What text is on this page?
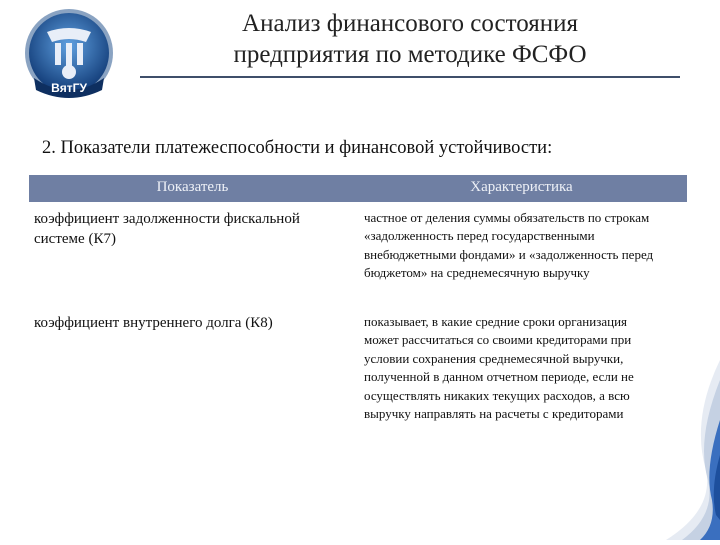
ВятГУ
Анализ финансового состояния
предприятия по методике ФСФО
2. Показатели платежеспособности и финансовой устойчивости:
Показатель	Характеристика
коэффициент задолженности фискальной системе (К7)
частное от деления суммы обязательств по строкам «задолженность перед государственными внебюджетными фондами» и «задолженность перед бюджетом» на среднемесячную выручку
коэффициент внутреннего долга (К8)	показывает, в какие средние сроки организация может рассчитаться со своими кредиторами при условии сохранения среднемесячной выручки, полученной в данном отчетном периоде, если не осуществлять никаких текущих расходов, а всю выручку направлять на расчеты с кредиторами
